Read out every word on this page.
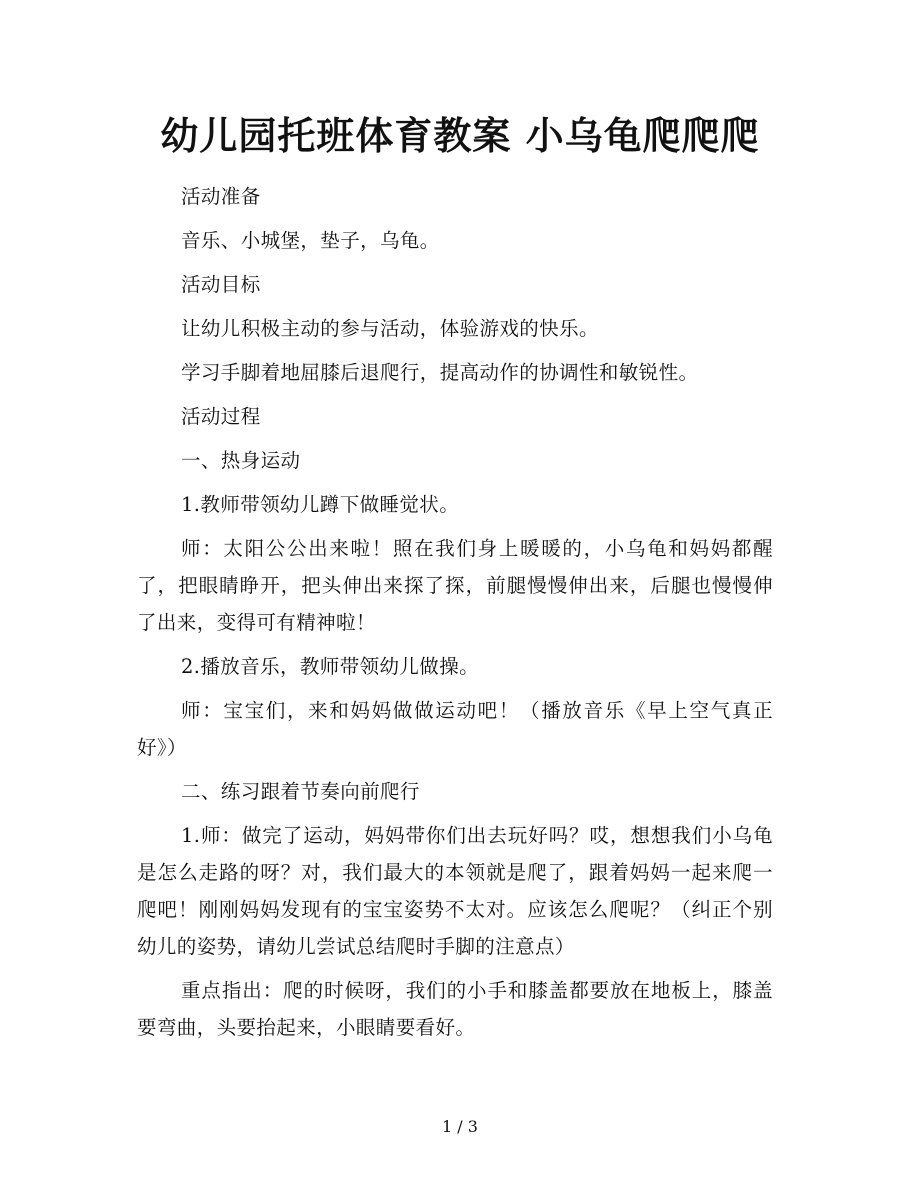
幼儿园托班体育教案 小乌龟爬爬爬

活动准备

音乐、小城堡，垫子，乌龟。

活动目标

让幼儿积极主动的参与活动，体验游戏的快乐。

学习手脚着地屈膝后退爬行，提高动作的协调性和敏锐性。

活动过程

一、热身运动

1.教师带领幼儿蹲下做睡觉状。

师：太阳公公出来啦！照在我们身上暖暖的，小乌龟和妈妈都醒了，把眼睛睁开，把头伸出来探了探，前腿慢慢伸出来，后腿也慢慢伸了出来，变得可有精神啦！

2.播放音乐，教师带领幼儿做操。

师：宝宝们，来和妈妈做做运动吧！（播放音乐《早上空气真正好》）

二、练习跟着节奏向前爬行

1.师：做完了运动，妈妈带你们出去玩好吗？哎，想想我们小乌龟是怎么走路的呀？对，我们最大的本领就是爬了，跟着妈妈一起来爬一爬吧！刚刚妈妈发现有的宝宝姿势不太对。应该怎么爬呢？（纠正个别幼儿的姿势，请幼儿尝试总结爬时手脚的注意点）

重点指出：爬的时候呀，我们的小手和膝盖都要放在地板上，膝盖要弯曲，头要抬起来，小眼睛要看好。

1 / 3
